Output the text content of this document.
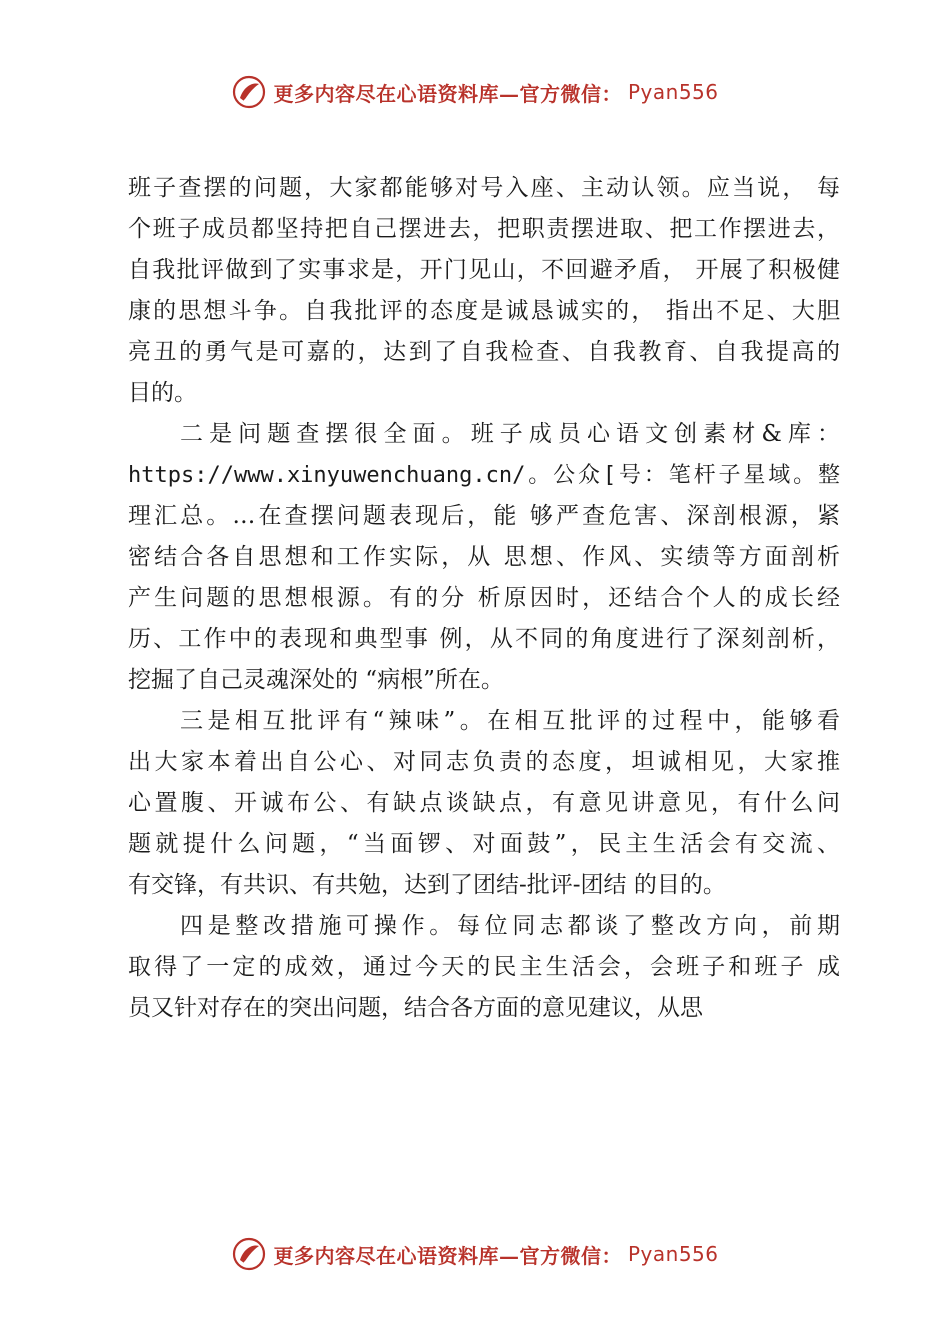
更多内容尽在心语资料库—官方微信： Pyan556
班子查摆的问题，大家都能够对号入座、主动认领。应当说， 每
个班子成员都坚持把自己摆进去，把职责摆进取、把工作摆进去，
自我批评做到了实事求是，开门见山，不回避矛盾， 开展了积极健
康的思想斗争。自我批评的态度是诚恳诚实的， 指出不足、大胆
亮丑的勇气是可嘉的，达到了自我检查、自我教育、自我提高的
目的。
二是问题查摆很全面。班子成员心语文创素材&库：
https://www.xinyuwenchuang.cn/。公众[号：笔杆子星域。整
理汇总。…在查摆问题表现后，能 够严查危害、深剖根源，紧
密结合各自思想和工作实际，从 思想、作风、实绩等方面剖析
产生问题的思想根源。有的分 析原因时，还结合个人的成长经
历、工作中的表现和典型事 例，从不同的角度进行了深刻剖析，
挖掘了自己灵魂深处的 “病根”所在。
三是相互批评有“辣味”。在相互批评的过程中，能够看
出大家本着出自公心、对同志负责的态度，坦诚相见，大家推
心置腹、开诚布公、有缺点谈缺点，有意见讲意见，有什么问
题就提什么问题，“当面锣、对面鼓”，民主生活会有交流、
有交锋，有共识、有共勉，达到了团结-批评-团结 的目的。
四是整改措施可操作。每位同志都谈了整改方向，前期
取得了一定的成效，通过今天的民主生活会，会班子和班子 成
员又针对存在的突出问题，结合各方面的意见建议，从思
更多内容尽在心语资料库—官方微信： Pyan556
